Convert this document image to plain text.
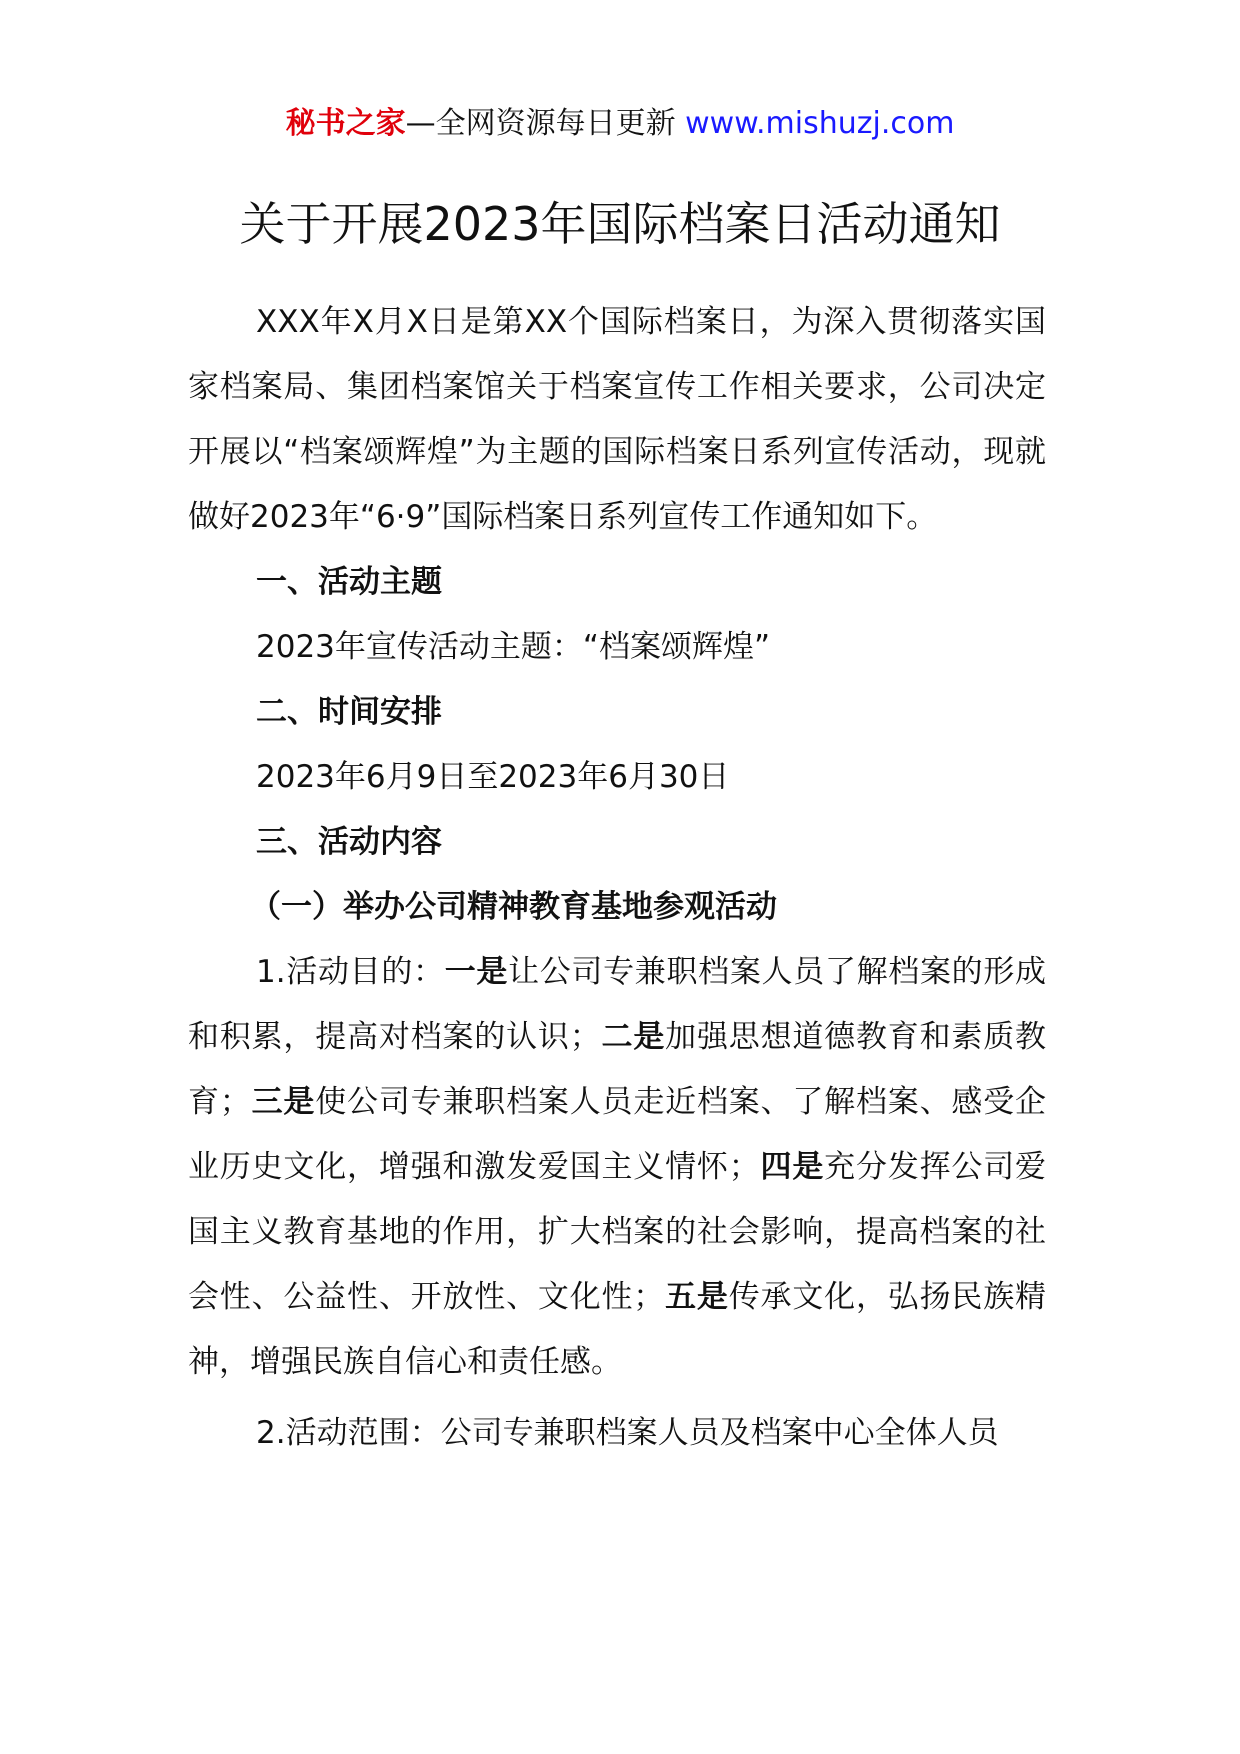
秘书之家—全网资源每日更新 www.mishuzj.com
关于开展2023年国际档案日活动通知

XXX年X月X日是第XX个国际档案日，为深入贯彻落实国家档案局、集团档案馆关于档案宣传工作相关要求，公司决定开展以“档案颂辉煌”为主题的国际档案日系列宣传活动，现就做好2023年“6·9”国际档案日系列宣传工作通知如下。

一、活动主题

2023年宣传活动主题：“档案颂辉煌”

二、时间安排

2023年6月9日至2023年6月30日

三、活动内容

（一）举办公司精神教育基地参观活动

1.活动目的：一是让公司专兼职档案人员了解档案的形成和积累，提高对档案的认识；二是加强思想道德教育和素质教育；三是使公司专兼职档案人员走近档案、了解档案、感受企业历史文化，增强和激发爱国主义情怀；四是充分发挥公司爱国主义教育基地的作用，扩大档案的社会影响，提高档案的社会性、公益性、开放性、文化性；五是传承文化，弘扬民族精神，增强民族自信心和责任感。

2.活动范围：公司专兼职档案人员及档案中心全体人员
